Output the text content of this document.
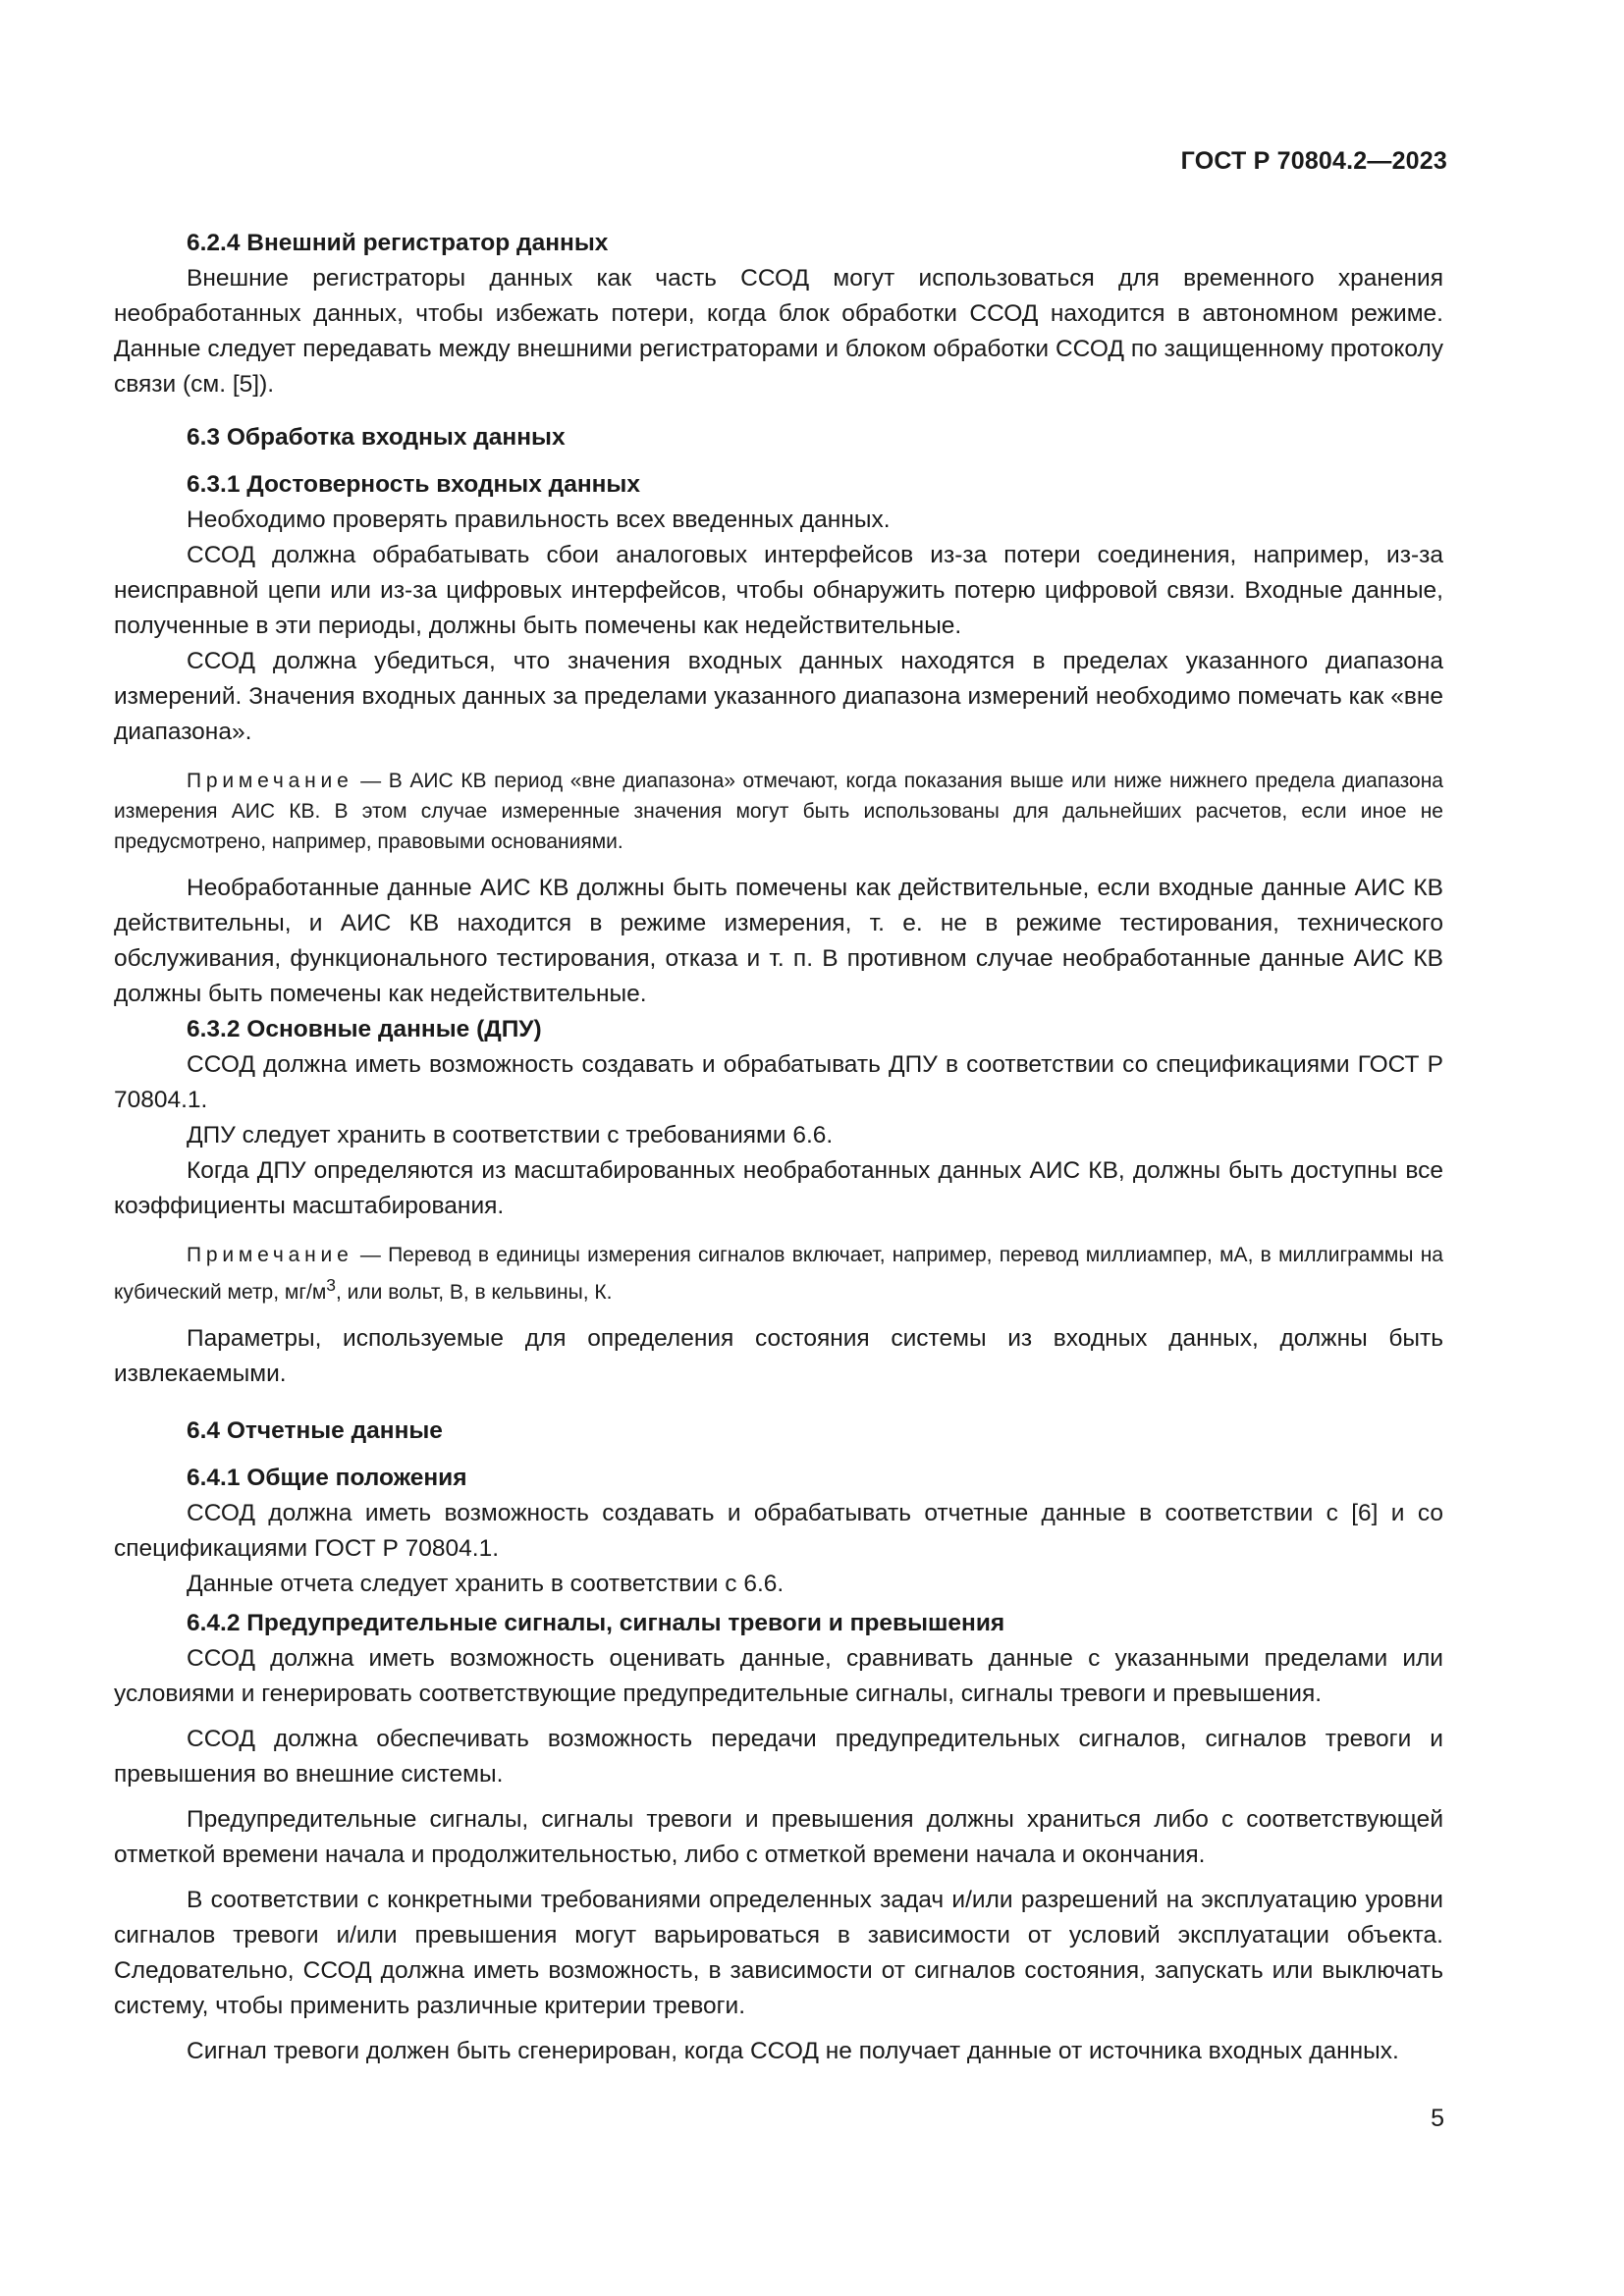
ГОСТ Р 70804.2—2023

6.2.4 Внешний регистратор данных

Внешние регистраторы данных как часть ССОД могут использоваться для временного хранения необработанных данных, чтобы избежать потери, когда блок обработки ССОД находится в автономном режиме. Данные следует передавать между внешними регистраторами и блоком обработки ССОД по защищенному протоколу связи (см. [5]).

6.3 Обработка входных данных

6.3.1 Достоверность входных данных

Необходимо проверять правильность всех введенных данных.

ССОД должна обрабатывать сбои аналоговых интерфейсов из-за потери соединения, например, из-за неисправной цепи или из-за цифровых интерфейсов, чтобы обнаружить потерю цифровой связи. Входные данные, полученные в эти периоды, должны быть помечены как недействительные.

ССОД должна убедиться, что значения входных данных находятся в пределах указанного диапазона измерений. Значения входных данных за пределами указанного диапазона измерений необходимо помечать как «вне диапазона».

Примечание — В АИС КВ период «вне диапазона» отмечают, когда показания выше или ниже нижнего предела диапазона измерения АИС КВ. В этом случае измеренные значения могут быть использованы для дальнейших расчетов, если иное не предусмотрено, например, правовыми основаниями.

Необработанные данные АИС КВ должны быть помечены как действительные, если входные данные АИС КВ действительны, и АИС КВ находится в режиме измерения, т. е. не в режиме тестирования, технического обслуживания, функционального тестирования, отказа и т. п. В противном случае необработанные данные АИС КВ должны быть помечены как недействительные.

6.3.2 Основные данные (ДПУ)

ССОД должна иметь возможность создавать и обрабатывать ДПУ в соответствии со спецификациями ГОСТ Р 70804.1.

ДПУ следует хранить в соответствии с требованиями 6.6.

Когда ДПУ определяются из масштабированных необработанных данных АИС КВ, должны быть доступны все коэффициенты масштабирования.

Примечание — Перевод в единицы измерения сигналов включает, например, перевод миллиампер, мА, в миллиграммы на кубический метр, $мг/м^3$, или вольт, В, в кельвины, К.

Параметры, используемые для определения состояния системы из входных данных, должны быть извлекаемыми.

6.4 Отчетные данные

6.4.1 Общие положения

ССОД должна иметь возможность создавать и обрабатывать отчетные данные в соответствии с [6] и со спецификациями ГОСТ Р 70804.1.

Данные отчета следует хранить в соответствии с 6.6.

6.4.2 Предупредительные сигналы, сигналы тревоги и превышения

ССОД должна иметь возможность оценивать данные, сравнивать данные с указанными пределами или условиями и генерировать соответствующие предупредительные сигналы, сигналы тревоги и превышения.

ССОД должна обеспечивать возможность передачи предупредительных сигналов, сигналов тревоги и превышения во внешние системы.

Предупредительные сигналы, сигналы тревоги и превышения должны храниться либо с соответствующей отметкой времени начала и продолжительностью, либо с отметкой времени начала и окончания.

В соответствии с конкретными требованиями определенных задач и/или разрешений на эксплуатацию уровни сигналов тревоги и/или превышения могут варьироваться в зависимости от условий эксплуатации объекта. Следовательно, ССОД должна иметь возможность, в зависимости от сигналов состояния, запускать или выключать систему, чтобы применить различные критерии тревоги.

Сигнал тревоги должен быть сгенерирован, когда ССОД не получает данные от источника входных данных.

5
